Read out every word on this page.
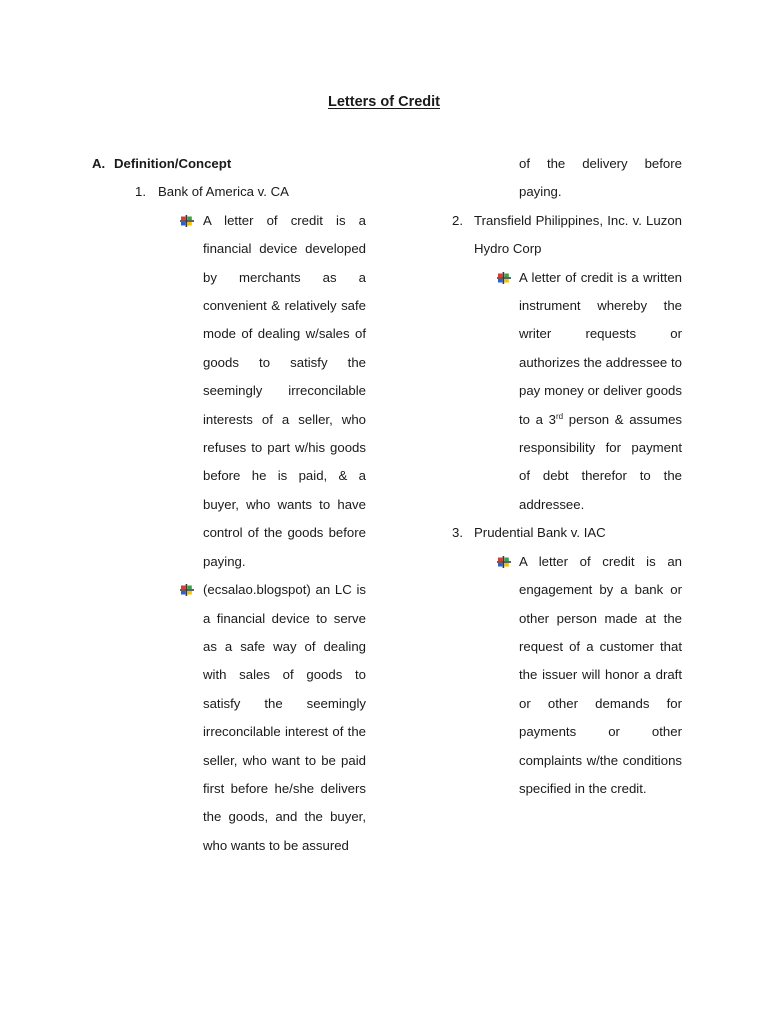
Letters of Credit
A. Definition/Concept
1. Bank of America v. CA
A letter of credit is a financial device developed by merchants as a convenient & relatively safe mode of dealing w/sales of goods to satisfy the seemingly irreconcilable interests of a seller, who refuses to part w/his goods before he is paid, & a buyer, who wants to have control of the goods before paying.
(ecsalao.blogspot) an LC is a financial device to serve as a safe way of dealing with sales of goods to satisfy the seemingly irreconcilable interest of the seller, who want to be paid first before he/she delivers the goods, and the buyer, who wants to be assured
of the delivery before paying.
2. Transfield Philippines, Inc. v. Luzon Hydro Corp
A letter of credit is a written instrument whereby the writer requests or authorizes the addressee to pay money or deliver goods to a 3rd person & assumes responsibility for payment of debt therefor to the addressee.
3. Prudential Bank v. IAC
A letter of credit is an engagement by a bank or other person made at the request of a customer that the issuer will honor a draft or other demands for payments or other complaints w/the conditions specified in the credit.
